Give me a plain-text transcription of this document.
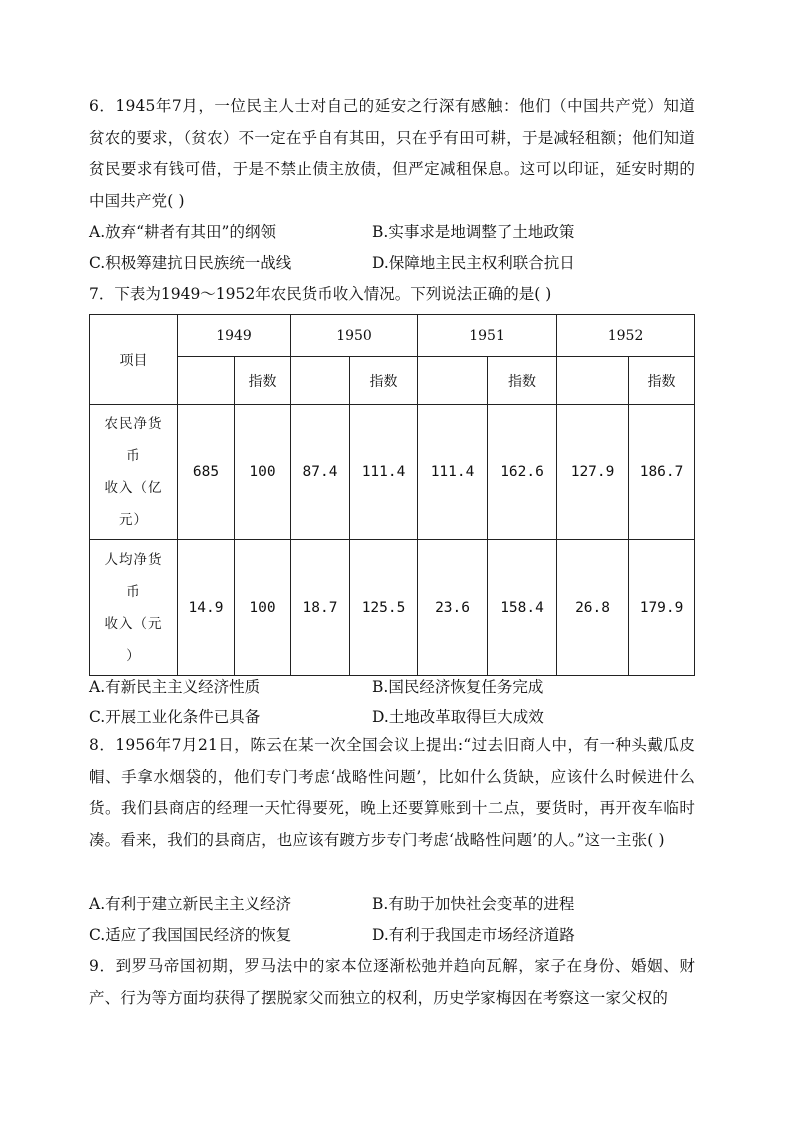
6．1945年7月，一位民主人士对自己的延安之行深有感触：他们（中国共产党）知道贫农的要求，（贫农）不一定在乎自有其田，只在乎有田可耕，于是减轻租额；他们知道贫民要求有钱可借，于是不禁止债主放债，但严定减租保息。这可以印证，延安时期的中国共产党( )

A.放弃“耕者有其田”的纲领	B.实事求是地调整了土地政策
C.积极筹建抗日民族统一战线	D.保障地主民主权利联合抗日
7．下表为1949～1952年农民货币收入情况。下列说法正确的是( )
项目	1949		1950		1951		1952	
		指数		指数		指数		指数

农民净货
币
收入（亿
元）	685	100	87.4	111.4	111.4	162.6	127.9	186.7

人均净货
币
收入（元
）	14.9	100	18.7	125.5	23.6	158.4	26.8	179.9
A.有新民主主义经济性质	B.国民经济恢复任务完成
C.开展工业化条件已具备	D.土地改革取得巨大成效

8．1956年7月21日，陈云在某一次全国会议上提出:“过去旧商人中，有一种头戴瓜皮帽、手拿水烟袋的，他们专门考虑‘战略性问题’，比如什么货缺，应该什么时候进什么货。我们县商店的经理一天忙得要死，晚上还要算账到十二点，要货时，再开夜车临时凑。看来，我们的县商店，也应该有踱方步专门考虑‘战略性问题’的人。”这一主张( )

A.有利于建立新民主主义经济	B.有助于加快社会变革的进程
C.适应了我国国民经济的恢复	D.有利于我国走市场经济道路

9．到罗马帝国初期，罗马法中的家本位逐渐松弛并趋向瓦解，家子在身份、婚姻、财产、行为等方面均获得了摆脱家父而独立的权利，历史学家梅因在考察这一家父权的
